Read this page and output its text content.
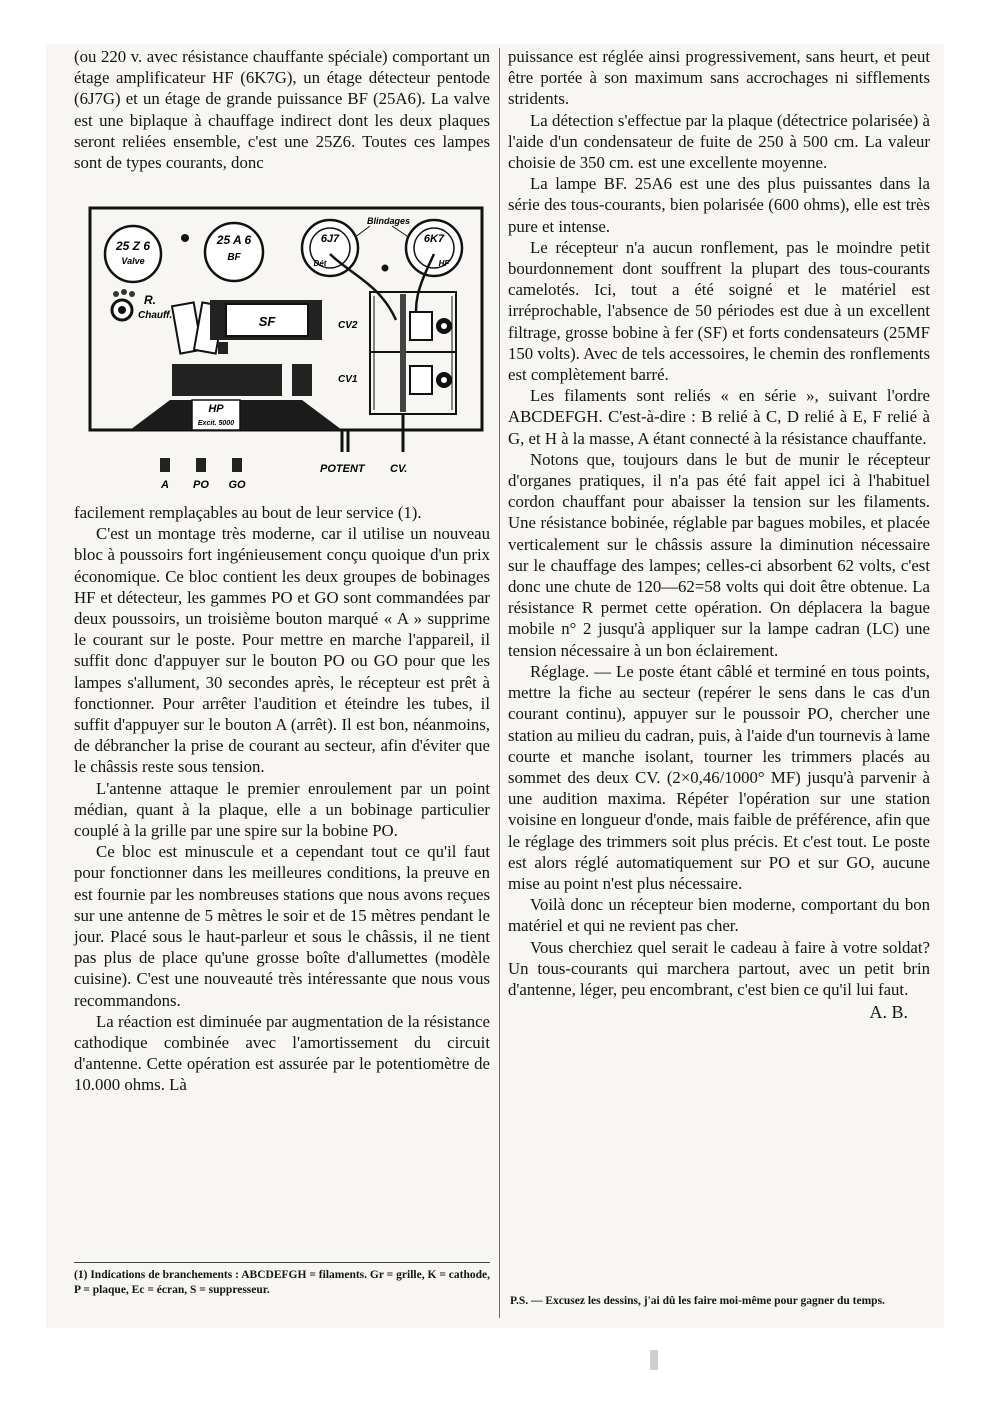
(ou 220 v. avec résistance chauffante spéciale) comportant un étage amplificateur HF (6K7G), un étage détecteur pentode (6J7G) et un étage de grande puissance BF (25A6). La valve est une biplaque à chauffage indirect dont les deux plaques seront reliées ensemble, c'est une 25Z6. Toutes ces lampes sont de types courants, donc

25 Z 6
Valve
25 A 6
BF
Blindages
6J7
Dét
6K7
HF
R.
Chauff.	SF
HP
Excit. 5000
CV2
CV1
A PO GO
POTENT CV.

facilement remplaçables au bout de leur service (1).

C'est un montage très moderne, car il utilise un nouveau bloc à poussoirs fort ingénieusement conçu quoique d'un prix économique. Ce bloc contient les deux groupes de bobinages HF et détecteur, les gammes PO et GO sont commandées par deux poussoirs, un troisième bouton marqué « A » supprime le courant sur le poste. Pour mettre en marche l'appareil, il suffit donc d'appuyer sur le bouton PO ou GO pour que les lampes s'allument, 30 secondes après, le récepteur est prêt à fonctionner. Pour arrêter l'audition et éteindre les tubes, il suffit d'appuyer sur le bouton A (arrêt). Il est bon, néanmoins, de débrancher la prise de courant au secteur, afin d'éviter que le châssis reste sous tension.

L'antenne attaque le premier enroulement par un point médian, quant à la plaque, elle a un bobinage particulier couplé à la grille par une spire sur la bobine PO.

Ce bloc est minuscule et a cependant tout ce qu'il faut pour fonctionner dans les meilleures conditions, la preuve en est fournie par les nombreuses stations que nous avons reçues sur une antenne de 5 mètres le soir et de 15 mètres pendant le jour. Placé sous le haut-parleur et sous le châssis, il ne tient pas plus de place qu'une grosse boîte d'allumettes (modèle cuisine). C'est une nouveauté très intéressante que nous vous recommandons.

La réaction est diminuée par augmentation de la résistance cathodique combinée avec l'amortissement du circuit d'antenne. Cette opération est assurée par le potentiomètre de 10.000 ohms. Là

(1) Indications de branchements : ABCDEFGH = filaments. Gr = grille, K = cathode, P = plaque, Ec = écran, S = suppresseur.

puissance est réglée ainsi progressivement, sans heurt, et peut être portée à son maximum sans accrochages ni sifflements stridents.

La détection s'effectue par la plaque (détectrice polarisée) à l'aide d'un condensateur de fuite de 250 à 500 cm. La valeur choisie de 350 cm. est une excellente moyenne.

La lampe BF. 25A6 est une des plus puissantes dans la série des tous-courants, bien polarisée (600 ohms), elle est très pure et intense.

Le récepteur n'a aucun ronflement, pas le moindre petit bourdonnement dont souffrent la plupart des tous-courants camelotés. Ici, tout a été soigné et le matériel est irréprochable, l'absence de 50 périodes est due à un excellent filtrage, grosse bobine à fer (SF) et forts condensateurs (25MF 150 volts). Avec de tels accessoires, le chemin des ronflements est complètement barré.

Les filaments sont reliés « en série », suivant l'ordre ABCDEFGH. C'est-à-dire : B relié à C, D relié à E, F relié à G, et H à la masse, A étant connecté à la résistance chauffante.

Notons que, toujours dans le but de munir le récepteur d'organes pratiques, il n'a pas été fait appel ici à l'habituel cordon chauffant pour abaisser la tension sur les filaments. Une résistance bobinée, réglable par bagues mobiles, et placée verticalement sur le châssis assure la diminution nécessaire sur le chauffage des lampes; celles-ci absorbent 62 volts, c'est donc une chute de 120—62=58 volts qui doit être obtenue. La résistance R permet cette opération. On déplacera la bague mobile n° 2 jusqu'à appliquer sur la lampe cadran (LC) une tension nécessaire à un bon éclairement.

Réglage. — Le poste étant câblé et terminé en tous points, mettre la fiche au secteur (repérer le sens dans le cas d'un courant continu), appuyer sur le poussoir PO, chercher une station au milieu du cadran, puis, à l'aide d'un tournevis à lame courte et manche isolant, tourner les trimmers placés au sommet des deux CV. (2×0,46/1000° MF) jusqu'à parvenir à une audition maxima. Répéter l'opération sur une station voisine en longueur d'onde, mais faible de préférence, afin que le réglage des trimmers soit plus précis. Et c'est tout. Le poste est alors réglé automatiquement sur PO et sur GO, aucune mise au point n'est plus nécessaire.

Voilà donc un récepteur bien moderne, comportant du bon matériel et qui ne revient pas cher.

Vous cherchiez quel serait le cadeau à faire à votre soldat? Un tous-courants qui marchera partout, avec un petit brin d'antenne, léger, peu encombrant, c'est bien ce qu'il lui faut.

A. B.

P.S. — Excusez les dessins, j'ai dû les faire moi-même pour gagner du temps.
